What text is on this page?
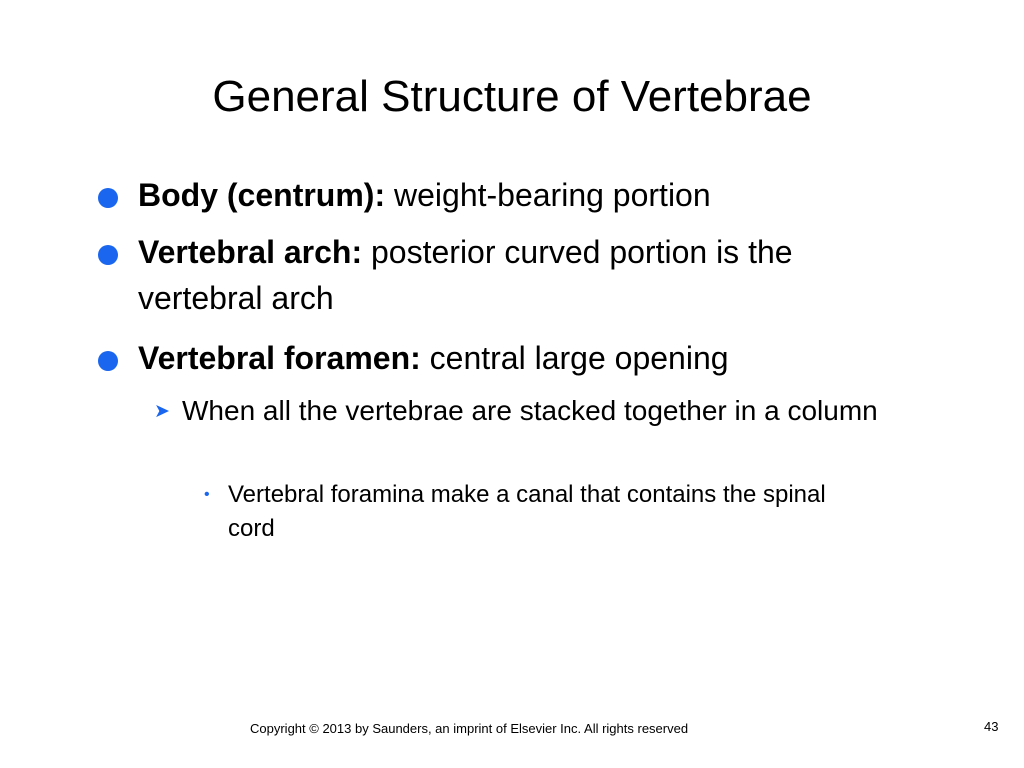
General Structure of Vertebrae
Body (centrum): weight-bearing portion
Vertebral arch: posterior curved portion is the vertebral arch
Vertebral foramen: central large opening
➤ When all the vertebrae are stacked together in a column
• Vertebral foramina make a canal that contains the spinal cord
Copyright © 2013 by Saunders, an imprint of Elsevier Inc. All rights reserved	43
